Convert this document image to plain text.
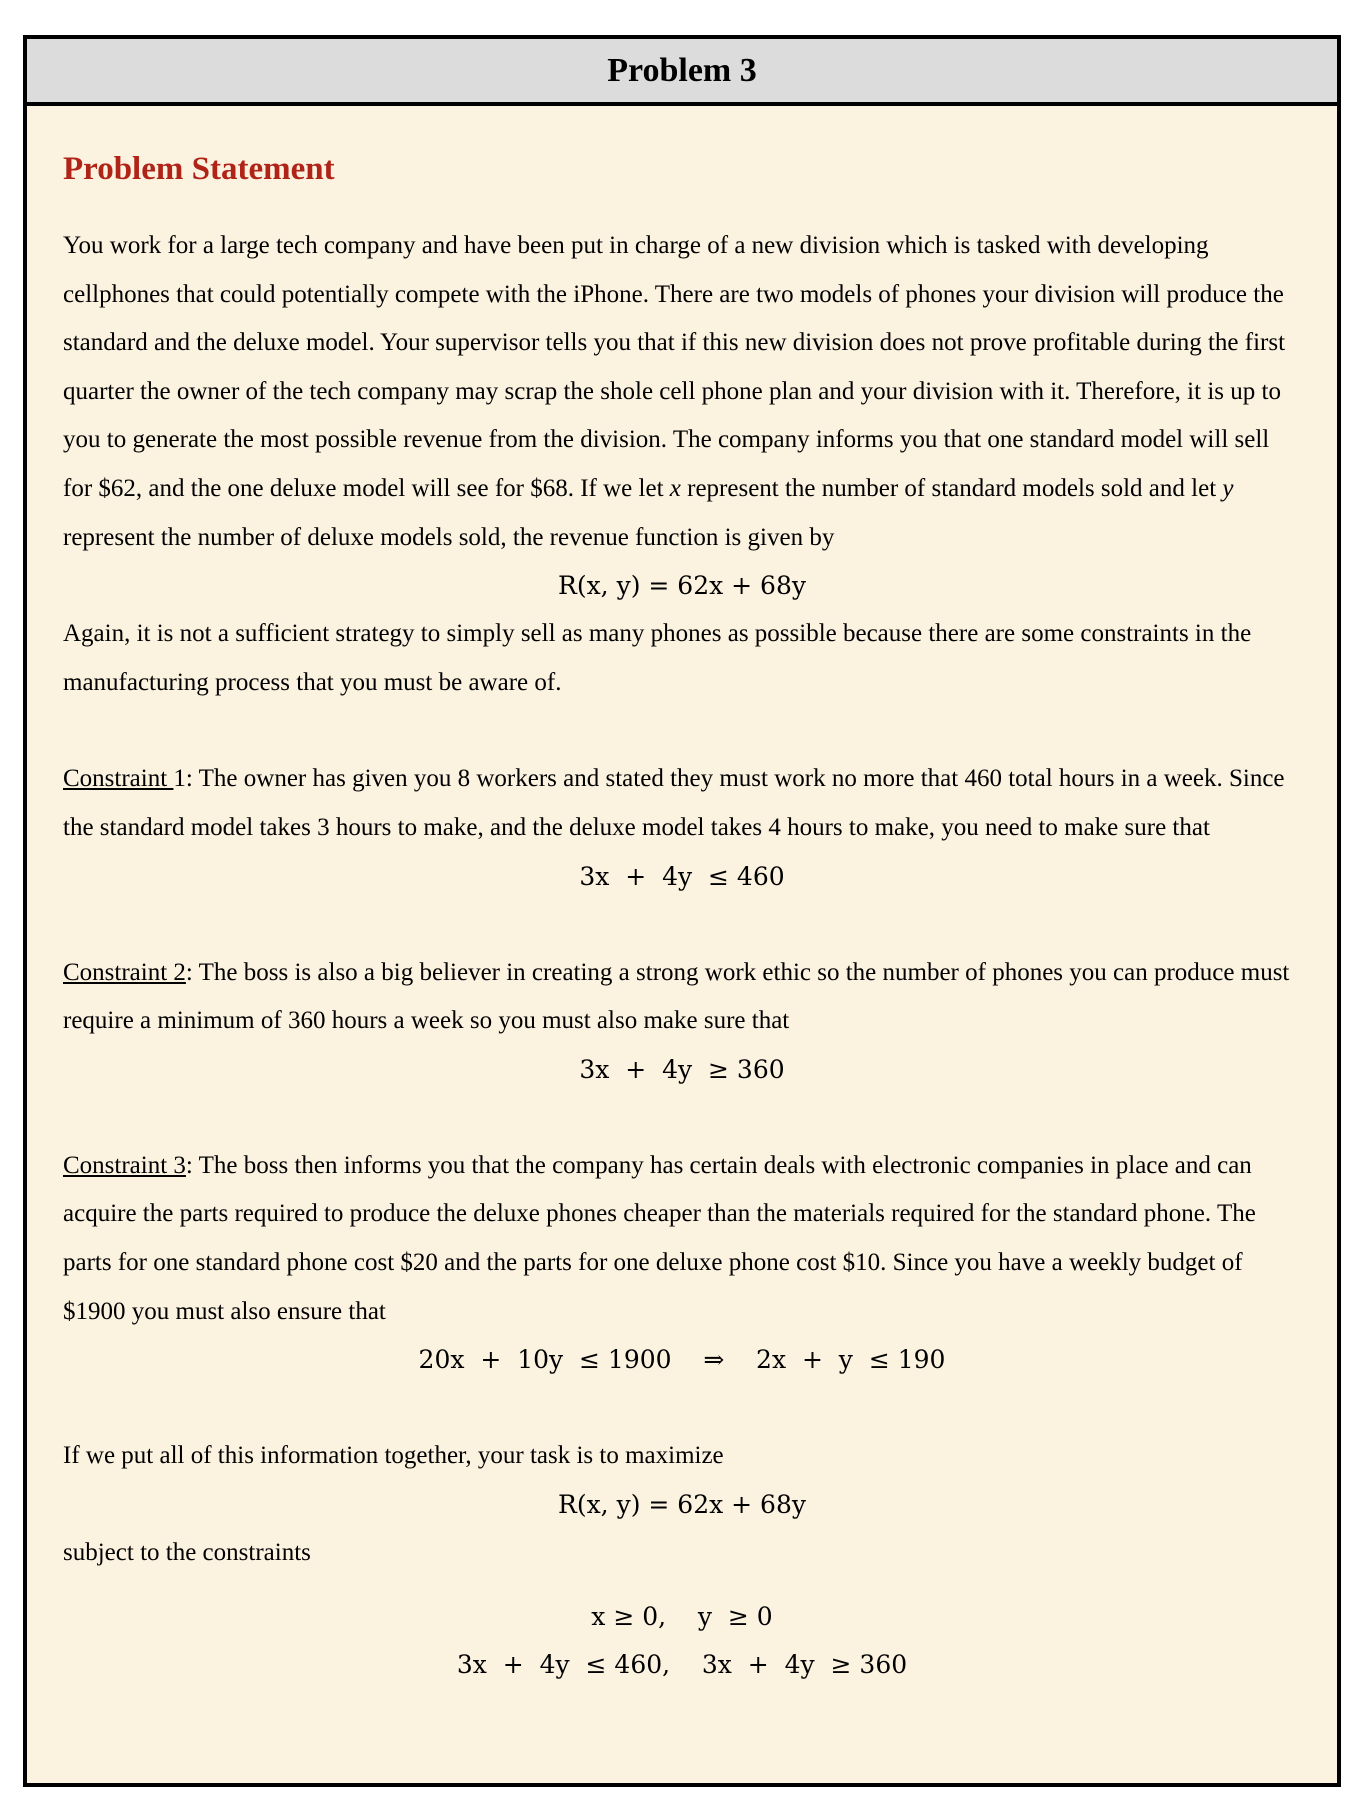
Problem 3
Problem Statement

You work for a large tech company and have been put in charge of a new division which is tasked with developing cellphones that could potentially compete with the iPhone. There are two models of phones your division will produce the standard and the deluxe model. Your supervisor tells you that if this new division does not prove profitable during the first quarter the owner of the tech company may scrap the shole cell phone plan and your division with it. Therefore, it is up to you to generate the most possible revenue from the division. The company informs you that one standard model will sell for $62, and the one deluxe model will see for $68. If we let x represent the number of standard models sold and let y represent the number of deluxe models sold, the revenue function is given by

R(x, y) = 62x + 68y

Again, it is not a sufficient strategy to simply sell as many phones as possible because there are some constraints in the manufacturing process that you must be aware of.

Constraint 1: The owner has given you 8 workers and stated they must work no more that 460 total hours in a week. Since the standard model takes 3 hours to make, and the deluxe model takes 4 hours to make, you need to make sure that

3x  +  4y  ≤ 460

Constraint 2: The boss is also a big believer in creating a strong work ethic so the number of phones you can produce must require a minimum of 360 hours a week so you must also make sure that

3x  +  4y  ≥ 360

Constraint 3: The boss then informs you that the company has certain deals with electronic companies in place and can acquire the parts required to produce the deluxe phones cheaper than the materials required for the standard phone. The parts for one standard phone cost $20 and the parts for one deluxe phone cost $10. Since you have a weekly budget of $1900 you must also ensure that

20x  +  10y  ≤ 1900    ⇒    2x  +  y  ≤ 190

If we put all of this information together, your task is to maximize

R(x, y) = 62x + 68y

subject to the constraints

x ≥ 0,    y  ≥ 0

3x  +  4y  ≤ 460,    3x  +  4y  ≥ 360
